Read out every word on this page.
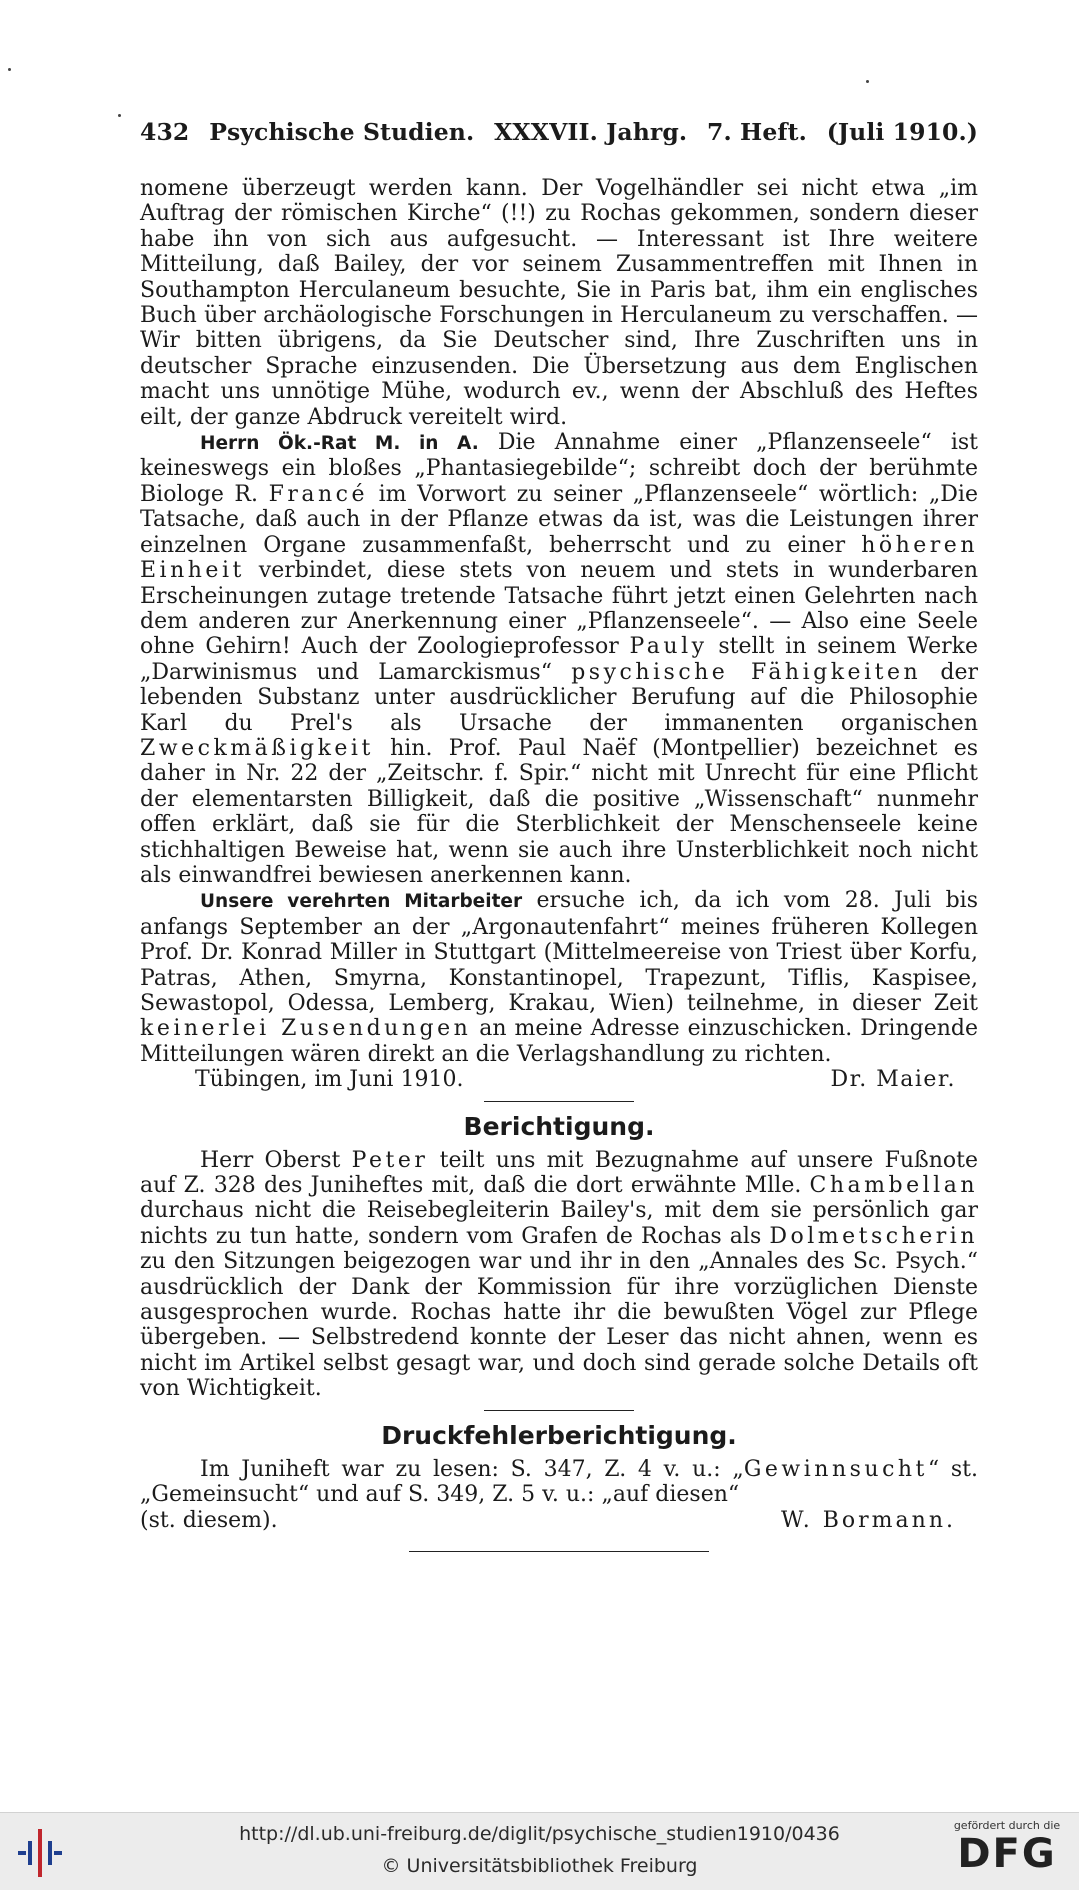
432 Psychische Studien. XXXVII. Jahrg. 7. Heft. (Juli 1910.)

nomene überzeugt werden kann. Der Vogelhändler sei nicht etwa „im Auftrag der römischen Kirche“ (!!) zu Rochas gekommen, sondern dieser habe ihn von sich aus aufgesucht. — Interessant ist Ihre weitere Mitteilung, daß Bailey, der vor seinem Zusammentreffen mit Ihnen in Southampton Herculaneum besuchte, Sie in Paris bat, ihm ein englisches Buch über archäologische Forschungen in Herculaneum zu verschaffen. — Wir bitten übrigens, da Sie Deutscher sind, Ihre Zuschriften uns in deutscher Sprache einzusenden. Die Übersetzung aus dem Englischen macht uns unnötige Mühe, wodurch ev., wenn der Abschluß des Heftes eilt, der ganze Abdruck vereitelt wird.

Herrn Ök.-Rat M. in A. Die Annahme einer „Pflanzenseele“ ist keineswegs ein bloßes „Phantasiegebilde“; schreibt doch der berühmte Biologe R. Francé im Vorwort zu seiner „Pflanzenseele“ wörtlich: „Die Tatsache, daß auch in der Pflanze etwas da ist, was die Leistungen ihrer einzelnen Organe zusammenfaßt, beherrscht und zu einer höheren Einheit verbindet, diese stets von neuem und stets in wunderbaren Erscheinungen zutage tretende Tatsache führt jetzt einen Gelehrten nach dem anderen zur Anerkennung einer „Pflanzenseele“. — Also eine Seele ohne Gehirn! Auch der Zoologieprofessor Pauly stellt in seinem Werke „Darwinismus und Lamarckismus“ psychische Fähigkeiten der lebenden Substanz unter ausdrücklicher Berufung auf die Philosophie Karl du Prel's als Ursache der immanenten organischen Zweckmäßigkeit hin. Prof. Paul Naëf (Montpellier) bezeichnet es daher in Nr. 22 der „Zeitschr. f. Spir.“ nicht mit Unrecht für eine Pflicht der elementarsten Billigkeit, daß die positive „Wissenschaft“ nunmehr offen erklärt, daß sie für die Sterblichkeit der Menschenseele keine stichhaltigen Beweise hat, wenn sie auch ihre Unsterblichkeit noch nicht als einwandfrei bewiesen anerkennen kann.

Unsere verehrten Mitarbeiter ersuche ich, da ich vom 28. Juli bis anfangs September an der „Argonautenfahrt“ meines früheren Kollegen Prof. Dr. Konrad Miller in Stuttgart (Mittelmeereise von Triest über Korfu, Patras, Athen, Smyrna, Konstantinopel, Trapezunt, Tiflis, Kaspisee, Sewastopol, Odessa, Lemberg, Krakau, Wien) teilnehme, in dieser Zeit keinerlei Zusendungen an meine Adresse einzuschicken. Dringende Mitteilungen wären direkt an die Verlagshandlung zu richten.

Tübingen, im Juni 1910.	Dr. Maier.
Berichtigung.

Herr Oberst Peter teilt uns mit Bezugnahme auf unsere Fußnote auf Z. 328 des Juniheftes mit, daß die dort erwähnte Mlle. Chambellan durchaus nicht die Reisebegleiterin Bailey's, mit dem sie persönlich gar nichts zu tun hatte, sondern vom Grafen de Rochas als Dolmetscherin zu den Sitzungen beigezogen war und ihr in den „Annales des Sc. Psych.“ ausdrücklich der Dank der Kommission für ihre vorzüglichen Dienste ausgesprochen wurde. Rochas hatte ihr die bewußten Vögel zur Pflege übergeben. — Selbstredend konnte der Leser das nicht ahnen, wenn es nicht im Artikel selbst gesagt war, und doch sind gerade solche Details oft von Wichtigkeit.

Druckfehlerberichtigung.

Im Juniheft war zu lesen: S. 347, Z. 4 v. u.: „Gewinnsucht“ st. „Gemeinsucht“ und auf S. 349, Z. 5 v. u.: „auf diesen“

(st. diesem).	W. Bormann.
http://dl.ub.uni-freiburg.de/diglit/psychische_studien1910/0436
© Universitätsbibliothek Freiburg
gefördert durch die
DFG
